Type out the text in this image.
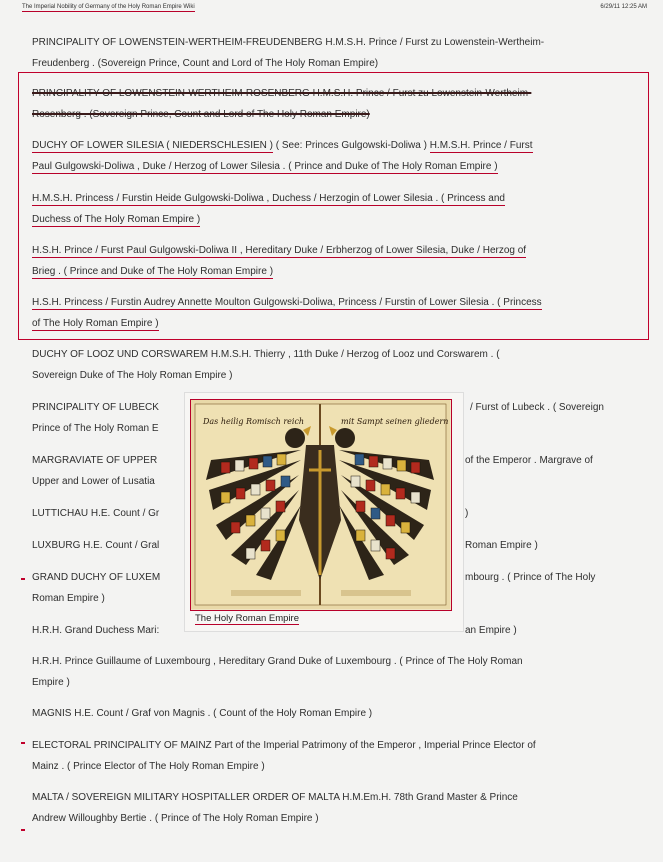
The Imperial Nobility of Germany of the Holy Roman Empire Wiki	6/29/11 12:25 AM
PRINCIPALITY OF LOWENSTEIN-WERTHEIM-FREUDENBERG H.M.S.H. Prince / Furst zu Lowenstein-Wertheim-
Freudenberg . (Sovereign Prince, Count and Lord of The Holy Roman Empire)
PRINCIPALITY OF LOWENSTEIN-WERTHEIM-ROSENBERG H.M.S.H. Prince / Furst zu Lowenstein-Wertheim-
Rosenberg . (Sovereign Prince, Count and Lord of The Holy Roman Empire)
DUCHY OF LOWER SILESIA ( NIEDERSCHLESIEN ) ( See: Princes Gulgowski-Doliwa ) H.M.S.H. Prince / Furst
Paul Gulgowski-Doliwa , Duke / Herzog of Lower Silesia . ( Prince and Duke of The Holy Roman Empire )
H.M.S.H. Princess / Furstin Heide Gulgowski-Doliwa , Duchess / Herzogin of Lower Silesia . ( Princess and
Duchess of The Holy Roman Empire )
H.S.H. Prince / Furst Paul Gulgowski-Doliwa II , Hereditary Duke / Erbherzog of Lower Silesia, Duke / Herzog of
Brieg . ( Prince and Duke of The Holy Roman Empire )
H.S.H. Princess / Furstin Audrey Annette Moulton Gulgowski-Doliwa, Princess / Furstin of Lower Silesia . ( Princess
of The Holy Roman Empire )
DUCHY OF LOOZ UND CORSWAREM H.M.S.H. Thierry , 11th Duke / Herzog of Looz und Corswarem . (
Sovereign Duke of The Holy Roman Empire )
PRINCIPALITY OF LUBECK
Prince of The Holy Roman E
/ Furst of Lubeck . ( Sovereign
MARGRAVIATE OF UPPER
Upper and Lower of Lusatia
of the Emperor . Margrave of
LUTTICHAU H.E. Count / Gr	)
LUXBURG H.E. Count / Gral	Roman Empire )
GRAND DUCHY OF LUXEM
Roman Empire )
mbourg . ( Prince of The Holy
H.R.H. Grand Duchess Mari:	an Empire )
Das heilig Romisch reich	mit Sampt seinen gliedern
The Holy Roman Empire
H.R.H. Prince Guillaume of Luxembourg , Hereditary Grand Duke of Luxembourg . ( Prince of The Holy Roman
Empire )
MAGNIS H.E. Count / Graf von Magnis . ( Count of the Holy Roman Empire )
ELECTORAL PRINCIPALITY OF MAINZ Part of the Imperial Patrimony of the Emperor , Imperial Prince Elector of
Mainz . ( Prince Elector of The Holy Roman Empire )
MALTA / SOVEREIGN MILITARY HOSPITALLER ORDER OF MALTA H.M.Em.H. 78th Grand Master & Prince
Andrew Willoughby Bertie . ( Prince of The Holy Roman Empire )
